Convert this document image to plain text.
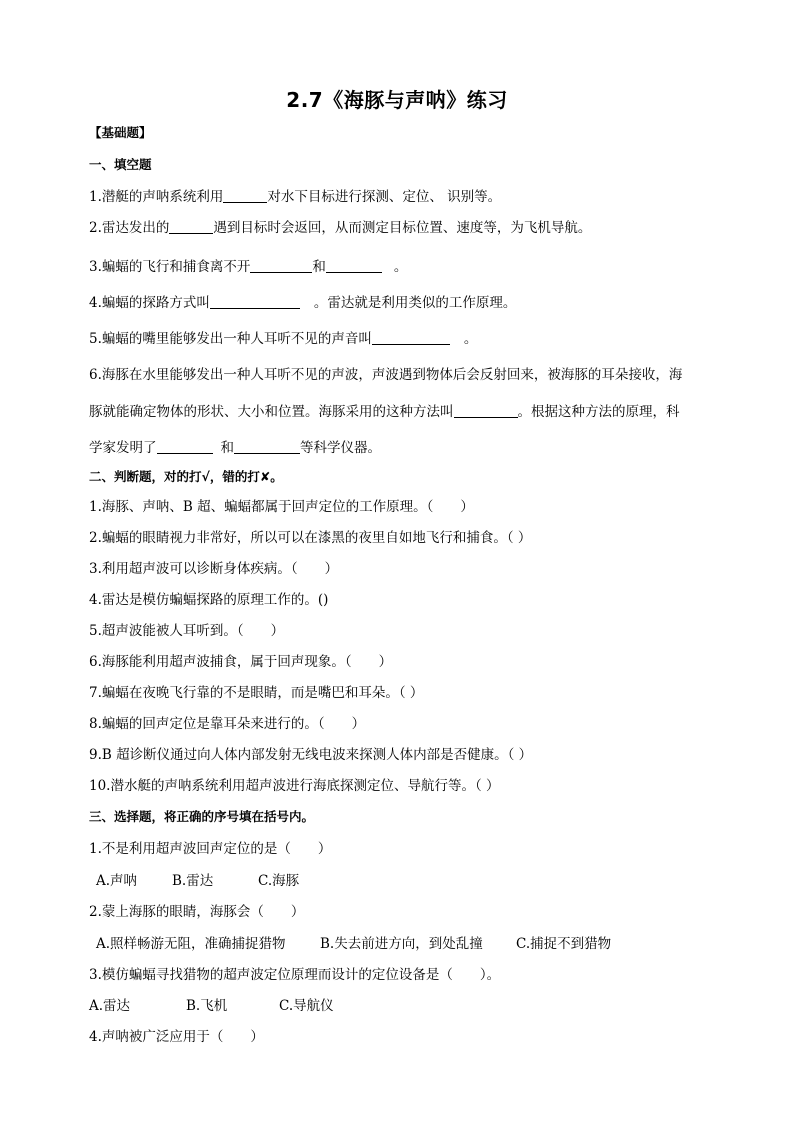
2.7《海豚与声呐》练习
【基础题】
一、填空题
1.潜艇的声呐系统利用	对水下目标进行探测、定位、 识别等。
2.雷达发出的	遇到目标时会返回，从而测定目标位置、速度等，为飞机导航。
3.蝙蝠的飞行和捕食离不开	和	。
4.蝙蝠的探路方式叫	。雷达就是利用类似的工作原理。
5.蝙蝠的嘴里能够发出一种人耳听不见的声音叫	。
6.海豚在水里能够发出一种人耳听不见的声波，声波遇到物体后会反射回来，被海豚的耳朵接收，海
豚就能确定物体的形状、大小和位置。海豚采用的这种方法叫	。根据这种方法的原理，科
学家发明了	和	等科学仪器。
二、判断题，对的打√，错的打✘。
1.海豚、声呐、B 超、蝙蝠都属于回声定位的工作原理。（　　）
2.蝙蝠的眼睛视力非常好，所以可以在漆黑的夜里自如地飞行和捕食。（ ）
3.利用超声波可以诊断身体疾病。（　　）
4.雷达是模仿蝙蝠探路的原理工作的。()
5.超声波能被人耳听到。（　　）
6.海豚能利用超声波捕食，属于回声现象。（　　）
7.蝙蝠在夜晚飞行靠的不是眼睛，而是嘴巴和耳朵。（ ）
8.蝙蝠的回声定位是靠耳朵来进行的。（　　）
9.B 超诊断仪通过向人体内部发射无线电波来探测人体内部是否健康。（ ）
10.潜水艇的声呐系统利用超声波进行海底探测定位、导航行等。（ ）
三、选择题，将正确的序号填在括号内。
1.不是利用超声波回声定位的是（　　）
A.声呐	B.雷达	C.海豚
2.蒙上海豚的眼睛，海豚会（　　）
A.照样畅游无阻，准确捕捉猎物	B.失去前进方向，到处乱撞 C.捕捉不到猎物
3.模仿蝙蝠寻找猎物的超声波定位原理而设计的定位设备是（　　）。
A.雷达	B.飞机	C.导航仪
4.声呐被广泛应用于（　　）
